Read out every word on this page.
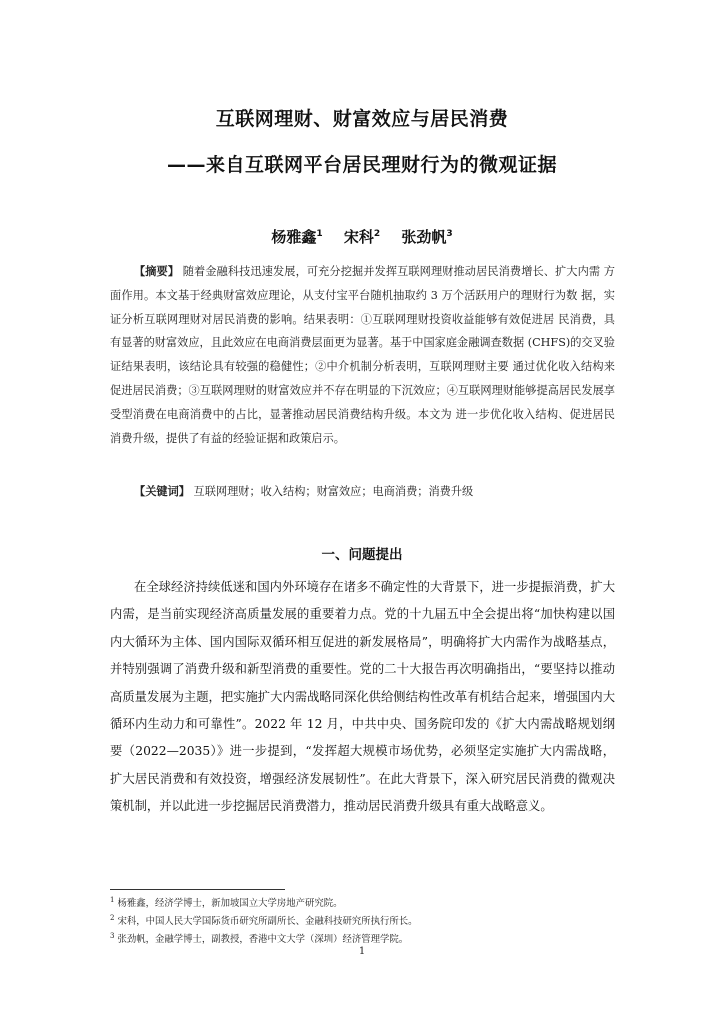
互联网理财、财富效应与居民消费
——来自互联网平台居民理财行为的微观证据
杨雅鑫$^1$ 宋科$^2$ 张劲帆$^3$
【摘要】 随着金融科技迅速发展，可充分挖掘并发挥互联网理财推动居民消费增长、扩大内需 方面作用。本文基于经典财富效应理论，从支付宝平台随机抽取约 3 万个活跃用户的理财行为数 据，实证分析互联网理财对居民消费的影响。结果表明：①互联网理财投资收益能够有效促进居 民消费，具有显著的财富效应，且此效应在电商消费层面更为显著。基于中国家庭金融调查数据 (CHFS)的交叉验证结果表明，该结论具有较强的稳健性；②中介机制分析表明，互联网理财主要 通过优化收入结构来促进居民消费；③互联网理财的财富效应并不存在明显的下沉效应；④互联网理财能够提高居民发展享受型消费在电商消费中的占比，显著推动居民消费结构升级。本文为 进一步优化收入结构、促进居民消费升级，提供了有益的经验证据和政策启示。
【关键词】 互联网理财；收入结构；财富效应；电商消费；消费升级
一、问题提出
在全球经济持续低迷和国内外环境存在诸多不确定性的大背景下，进一步提振消费，扩大内需，是当前实现经济高质量发展的重要着力点。党的十九届五中全会提出将“加快构建以国内大循环为主体、国内国际双循环相互促进的新发展格局”，明确将扩大内需作为战略基点，并特别强调了消费升级和新型消费的重要性。党的二十大报告再次明确指出，“要坚持以推动高质量发展为主题，把实施扩大内需战略同深化供给侧结构性改革有机结合起来，增强国内大循环内生动力和可靠性”。2022 年 12 月，中共中央、国务院印发的《扩大内需战略规划纲要（2022—2035）》进一步提到，“发挥超大规模市场优势，必须坚定实施扩大内需战略，扩大居民消费和有效投资，增强经济发展韧性”。在此大背景下，深入研究居民消费的微观决策机制，并以此进一步挖掘居民消费潜力，推动居民消费升级具有重大战略意义。
$^1$ 杨雅鑫，经济学博士，新加坡国立大学房地产研究院。
$^2$ 宋科，中国人民大学国际货币研究所副所长、金融科技研究所执行所长。
$^3$ 张劲帆，金融学博士，副教授，香港中文大学（深圳）经济管理学院。
1
